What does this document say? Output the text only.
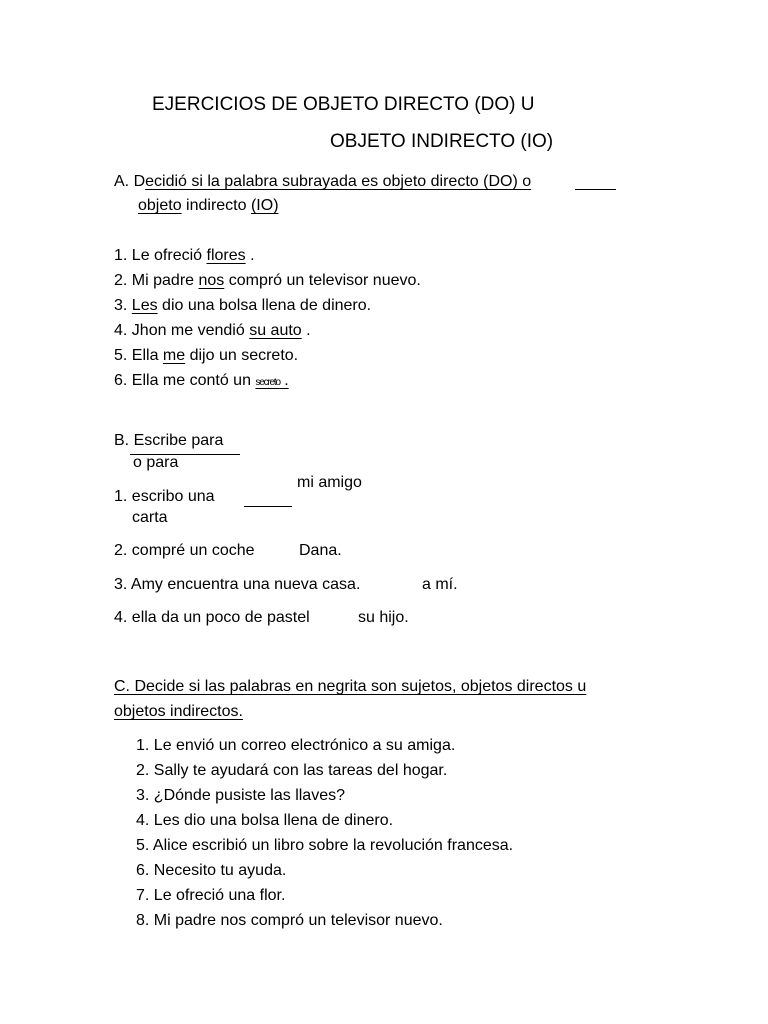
EJERCICIOS DE OBJETO DIRECTO (DO) U
OBJETO INDIRECTO (IO)
A. Decidió si la palabra subrayada es objeto directo (DO) o
objeto indirecto (IO)
1. Le ofreció flores .
2. Mi padre nos compró un televisor nuevo.
3. Les dio una bolsa llena de dinero.
4. Jhon me vendió su auto .
5. Ella me dijo un secreto.
6. Ella me contó un secreto .
B. Escribe para
o para
mi amigo
1. escribo una
carta
2. compré un coche	Dana.
3. Amy encuentra una nueva casa.	a mí.
4. ella da un poco de pastel	su hijo.
C. Decide si las palabras en negrita son sujetos, objetos directos u
objetos indirectos.
1. Le envió un correo electrónico a su amiga.
2. Sally te ayudará con las tareas del hogar.
3. ¿Dónde pusiste las llaves?
4. Les dio una bolsa llena de dinero.
5. Alice escribió un libro sobre la revolución francesa.
6. Necesito tu ayuda.
7. Le ofreció una flor.
8. Mi padre nos compró un televisor nuevo.
